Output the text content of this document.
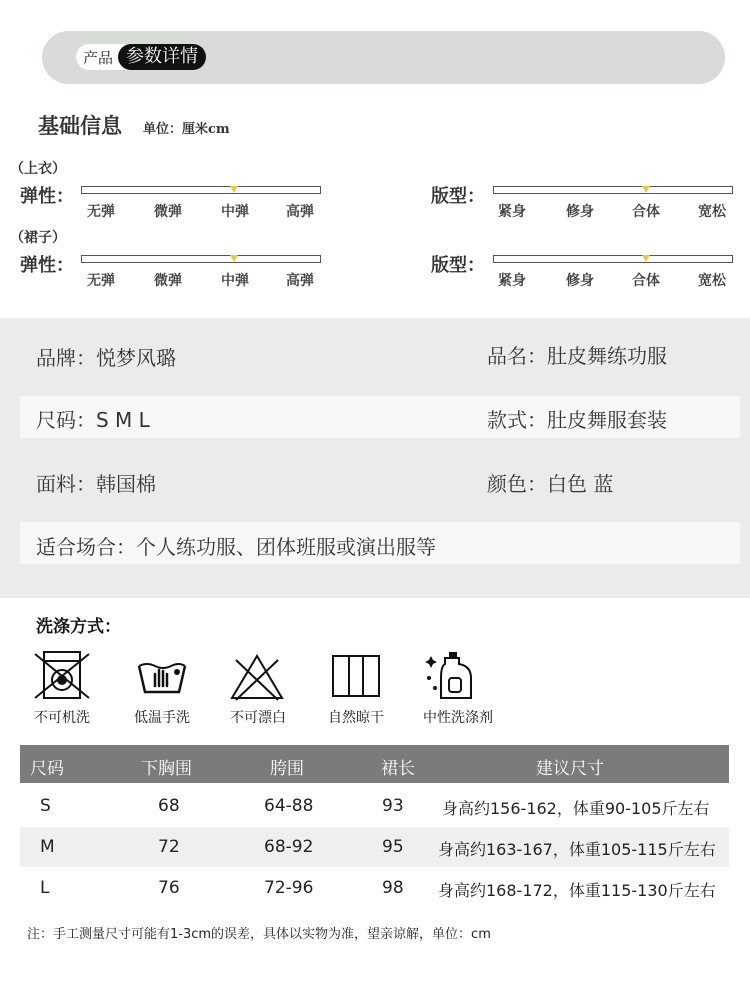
产品 参数详情
基础信息 单位：厘米cm
（上衣）
弹性：
无弹	微弹	中弹	高弹
版型：
紧身	修身	合体	宽松
（裙子）
弹性：
无弹	微弹	中弹	高弹
版型：
紧身	修身	合体	宽松
品牌：悦梦风璐	品名：肚皮舞练功服
尺码：S M L	款式：肚皮舞服套装
面料：韩国棉	颜色：白色 蓝
适合场合：个人练功服、团体班服或演出服等
洗涤方式：
不可机洗	低温手洗	不可漂白	自然晾干	中性洗涤剂
尺码	下胸围	胯围	裙长	建议尺寸
S	68	64-88	93 身高约156-162，体重90-105斤左右
M	72	68-92	95 身高约163-167，体重105-115斤左右
L	76	72-96	98 身高约168-172，体重115-130斤左右
注：手工测量尺寸可能有1-3cm的误差，具体以实物为准，望亲谅解，单位：cm
